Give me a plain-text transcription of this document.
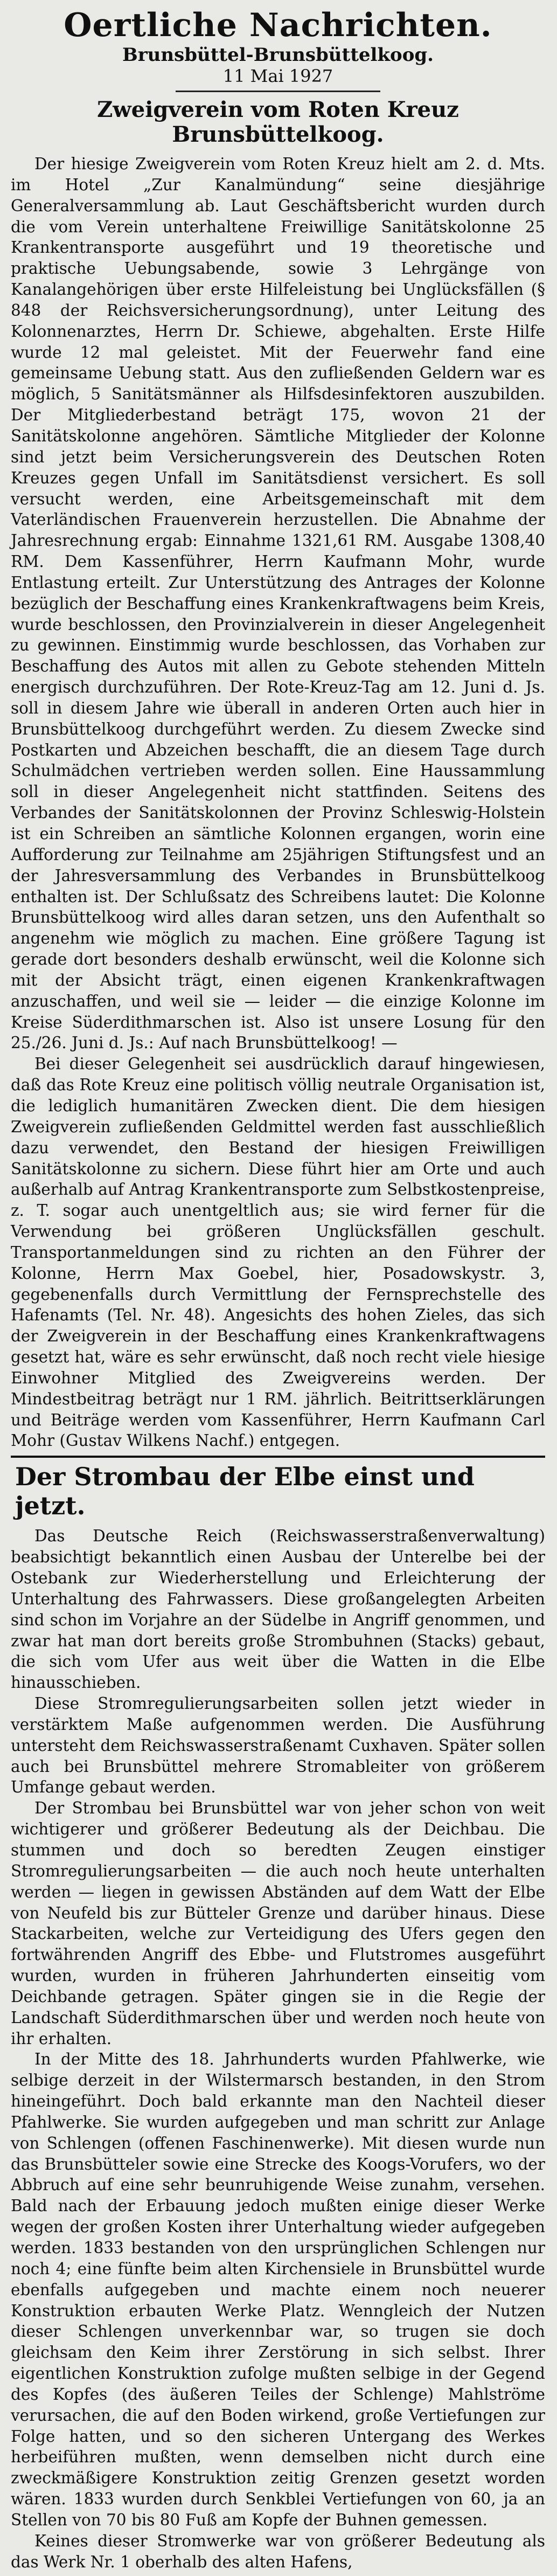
Oertliche Nachrichten.
Brunsbüttel-Brunsbüttelkoog.
11 Mai 1927
Zweigverein vom Roten Kreuz
Brunsbüttelkoog.

Der hiesige Zweigverein vom Roten Kreuz hielt am 2. d. Mts. im Hotel „Zur Kanalmündung“ seine diesjährige Generalversammlung ab. Laut Geschäftsbericht wurden durch die vom Verein unterhaltene Freiwillige Sanitätskolonne 25 Krankentransporte ausgeführt und 19 theoretische und praktische Uebungsabende, sowie 3 Lehrgänge von Kanalangehörigen über erste Hilfeleistung bei Unglücksfällen (§ 848 der Reichsversicherungsordnung), unter Leitung des Kolonnenarztes, Herrn Dr. Schiewe, abgehalten. Erste Hilfe wurde 12 mal geleistet. Mit der Feuerwehr fand eine gemeinsame Uebung statt. Aus den zufließenden Geldern war es möglich, 5 Sanitätsmänner als Hilfsdesinfektoren auszubilden. Der Mitgliederbestand beträgt 175, wovon 21 der Sanitätskolonne angehören. Sämtliche Mitglieder der Kolonne sind jetzt beim Versicherungsverein des Deutschen Roten Kreuzes gegen Unfall im Sanitätsdienst versichert. Es soll versucht werden, eine Arbeitsgemeinschaft mit dem Vaterländischen Frauenverein herzustellen. Die Abnahme der Jahresrechnung ergab: Einnahme 1321,61 RM. Ausgabe 1308,40 RM. Dem Kassenführer, Herrn Kaufmann Mohr, wurde Entlastung erteilt. Zur Unterstützung des Antrages der Kolonne bezüglich der Beschaffung eines Krankenkraftwagens beim Kreis, wurde beschlossen, den Provinzialverein in dieser Angelegenheit zu gewinnen. Einstimmig wurde beschlossen, das Vorhaben zur Beschaffung des Autos mit allen zu Gebote stehenden Mitteln energisch durchzuführen. Der Rote-Kreuz-Tag am 12. Juni d. Js. soll in diesem Jahre wie überall in anderen Orten auch hier in Brunsbüttelkoog durchgeführt werden. Zu diesem Zwecke sind Postkarten und Abzeichen beschafft, die an diesem Tage durch Schulmädchen vertrieben werden sollen. Eine Haussammlung soll in dieser Angelegenheit nicht stattfinden. Seitens des Verbandes der Sanitätskolonnen der Provinz Schleswig-Holstein ist ein Schreiben an sämtliche Kolonnen ergangen, worin eine Aufforderung zur Teilnahme am 25jährigen Stiftungsfest und an der Jahresversammlung des Verbandes in Brunsbüttelkoog enthalten ist. Der Schlußsatz des Schreibens lautet: Die Kolonne Brunsbüttelkoog wird alles daran setzen, uns den Aufenthalt so angenehm wie möglich zu machen. Eine größere Tagung ist gerade dort besonders deshalb erwünscht, weil die Kolonne sich mit der Absicht trägt, einen eigenen Krankenkraftwagen anzuschaffen, und weil sie — leider — die einzige Kolonne im Kreise Süderdithmarschen ist. Also ist unsere Losung für den 25./26. Juni d. Js.: Auf nach Brunsbüttelkoog! —

Bei dieser Gelegenheit sei ausdrücklich darauf hingewiesen, daß das Rote Kreuz eine politisch völlig neutrale Organisation ist, die lediglich humanitären Zwecken dient. Die dem hiesigen Zweigverein zufließenden Geldmittel werden fast ausschließlich dazu verwendet, den Bestand der hiesigen Freiwilligen Sanitätskolonne zu sichern. Diese führt hier am Orte und auch außerhalb auf Antrag Krankentransporte zum Selbstkostenpreise, z. T. sogar auch unentgeltlich aus; sie wird ferner für die Verwendung bei größeren Unglücksfällen geschult. Transportanmeldungen sind zu richten an den Führer der Kolonne, Herrn Max Goebel, hier, Posadowskystr. 3, gegebenenfalls durch Vermittlung der Fernsprechstelle des Hafenamts (Tel. Nr. 48). Angesichts des hohen Zieles, das sich der Zweigverein in der Beschaffung eines Krankenkraftwagens gesetzt hat, wäre es sehr erwünscht, daß noch recht viele hiesige Einwohner Mitglied des Zweigvereins werden. Der Mindestbeitrag beträgt nur 1 RM. jährlich. Beitrittserklärungen und Beiträge werden vom Kassenführer, Herrn Kaufmann Carl Mohr (Gustav Wilkens Nachf.) entgegen.

Der Strombau der Elbe einst und jetzt.

Das Deutsche Reich (Reichswasserstraßenverwaltung) beabsichtigt bekanntlich einen Ausbau der Unterelbe bei der Ostebank zur Wiederherstellung und Erleichterung der Unterhaltung des Fahrwassers. Diese großangelegten Arbeiten sind schon im Vorjahre an der Südelbe in Angriff genommen, und zwar hat man dort bereits große Strombuhnen (Stacks) gebaut, die sich vom Ufer aus weit über die Watten in die Elbe hinausschieben.

Diese Stromregulierungsarbeiten sollen jetzt wieder in verstärktem Maße aufgenommen werden. Die Ausführung untersteht dem Reichswasserstraßenamt Cuxhaven. Später sollen auch bei Brunsbüttel mehrere Stromableiter von größerem Umfange gebaut werden.

Der Strombau bei Brunsbüttel war von jeher schon von weit wichtigerer und größerer Bedeutung als der Deichbau. Die stummen und doch so beredten Zeugen einstiger Stromregulierungsarbeiten — die auch noch heute unterhalten werden — liegen in gewissen Abständen auf dem Watt der Elbe von Neufeld bis zur Bütteler Grenze und darüber hinaus. Diese Stackarbeiten, welche zur Verteidigung des Ufers gegen den fortwährenden Angriff des Ebbe- und Flutstromes ausgeführt wurden, wurden in früheren Jahrhunderten einseitig vom Deichbande getragen. Später gingen sie in die Regie der Landschaft Süderdithmarschen über und werden noch heute von ihr erhalten.

In der Mitte des 18. Jahrhunderts wurden Pfahlwerke, wie selbige derzeit in der Wilstermarsch bestanden, in den Strom hineingeführt. Doch bald erkannte man den Nachteil dieser Pfahlwerke. Sie wurden aufgegeben und man schritt zur Anlage von Schlengen (offenen Faschinenwerke). Mit diesen wurde nun das Brunsbütteler sowie eine Strecke des Koogs-Vorufers, wo der Abbruch auf eine sehr beunruhigende Weise zunahm, versehen. Bald nach der Erbauung jedoch mußten einige dieser Werke wegen der großen Kosten ihrer Unterhaltung wieder aufgegeben werden. 1833 bestanden von den ursprünglichen Schlengen nur noch 4; eine fünfte beim alten Kirchensiele in Brunsbüttel wurde ebenfalls aufgegeben und machte einem noch neuerer Konstruktion erbauten Werke Platz. Wenngleich der Nutzen dieser Schlengen unverkennbar war, so trugen sie doch gleichsam den Keim ihrer Zerstörung in sich selbst. Ihrer eigentlichen Konstruktion zufolge mußten selbige in der Gegend des Kopfes (des äußeren Teiles der Schlenge) Mahlströme verursachen, die auf den Boden wirkend, große Vertiefungen zur Folge hatten, und so den sicheren Untergang des Werkes herbeiführen mußten, wenn demselben nicht durch eine zweckmäßigere Konstruktion zeitig Grenzen gesetzt worden wären. 1833 wurden durch Senkblei Vertiefungen von 60, ja an Stellen von 70 bis 80 Fuß am Kopfe der Buhnen gemessen.

Keines dieser Stromwerke war von größerer Bedeutung als das Werk Nr. 1 oberhalb des alten Hafens,
